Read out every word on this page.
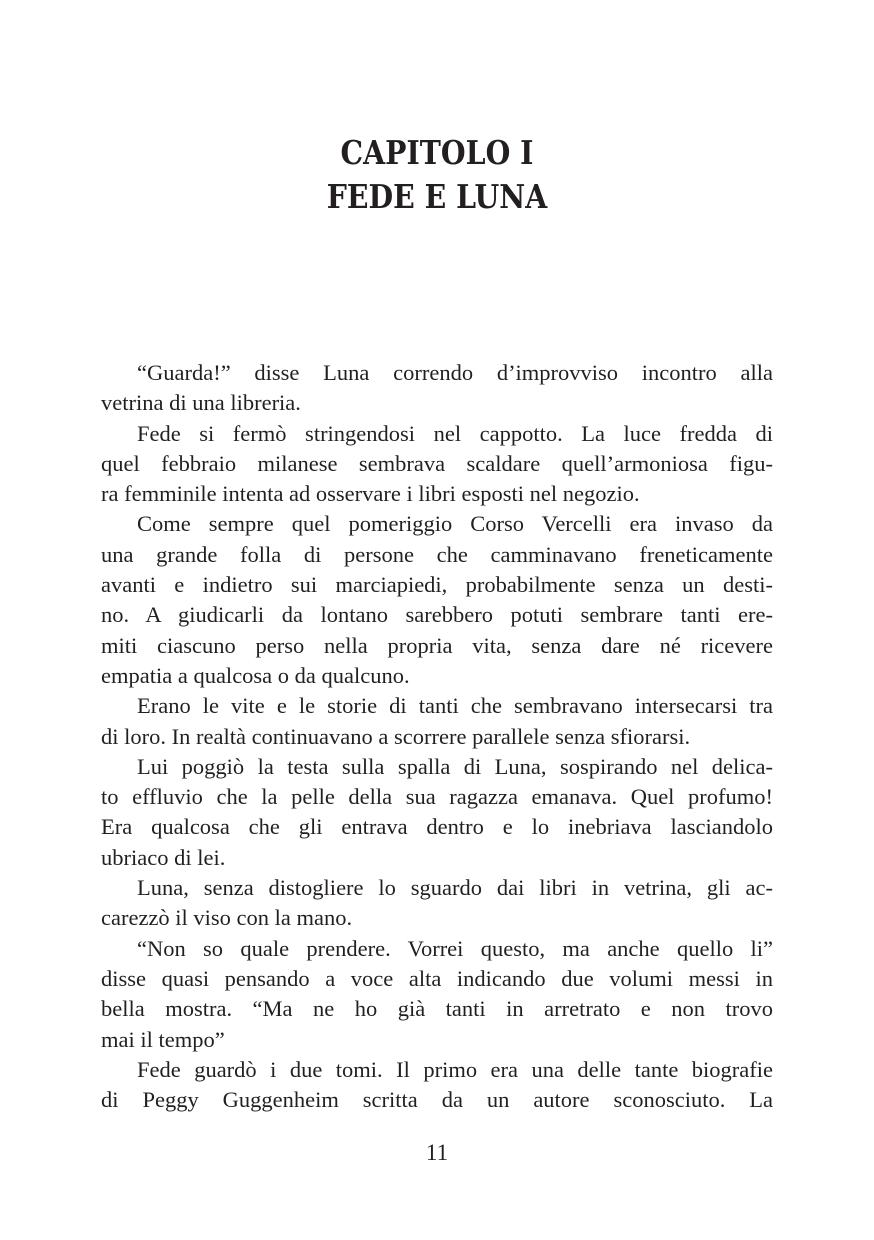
CAPITOLO I
FEDE E LUNA
“Guarda!” disse Luna correndo d’improvviso incontro alla
vetrina di una libreria.
Fede si fermò stringendosi nel cappotto. La luce fredda di
quel febbraio milanese sembrava scaldare quell’armoniosa figu-
ra femminile intenta ad osservare i libri esposti nel negozio.
Come sempre quel pomeriggio Corso Vercelli era invaso da
una grande folla di persone che camminavano freneticamente
avanti e indietro sui marciapiedi, probabilmente senza un desti-
no. A giudicarli da lontano sarebbero potuti sembrare tanti ere-
miti ciascuno perso nella propria vita, senza dare né ricevere
empatia a qualcosa o da qualcuno.
Erano le vite e le storie di tanti che sembravano intersecarsi tra
di loro. In realtà continuavano a scorrere parallele senza sfiorarsi.
Lui poggiò la testa sulla spalla di Luna, sospirando nel delica-
to effluvio che la pelle della sua ragazza emanava. Quel profumo!
Era qualcosa che gli entrava dentro e lo inebriava lasciandolo
ubriaco di lei.
Luna, senza distogliere lo sguardo dai libri in vetrina, gli ac-
carezzò il viso con la mano.
“Non so quale prendere. Vorrei questo, ma anche quello li”
disse quasi pensando a voce alta indicando due volumi messi in
bella mostra. “Ma ne ho già tanti in arretrato e non trovo
mai il tempo”
Fede guardò i due tomi. Il primo era una delle tante biografie
di Peggy Guggenheim scritta da un autore sconosciuto. La
11
